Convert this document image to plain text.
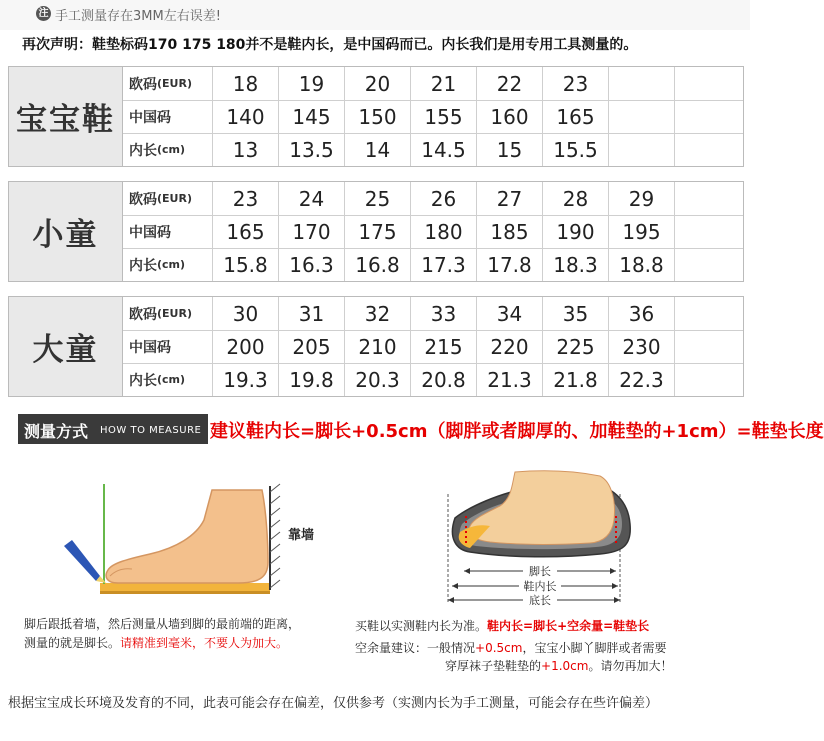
注 手工测量存在3MM左右误差!
再次声明：鞋垫标码170 175 180并不是鞋内长，是中国码而已。内长我们是用专用工具测量的。
宝宝鞋
欧码 (EUR)	18	19	20	21	22	23
中国码	140	145	150	155	160	165
内长 (cm)	13	13.5	14	14.5	15	15.5
小童
欧码 (EUR)	23	24	25	26	27	28	29
中国码	165	170	175	180	185	190	195
内长 (cm)	15.8	16.3	16.8	17.3	17.8	18.3	18.8
大童
欧码 (EUR)	30	31	32	33	34	35	36
中国码	200	205	210	215	220	225	230
内长 (cm)	19.3	19.8	20.3	20.8	21.3	21.8	22.3
测量方式 HOW TO MEASURE 建议鞋内长=脚长+0.5cm（脚胖或者脚厚的、加鞋垫的+1cm）=鞋垫长度
靠墙
脚长
鞋内长
底长
脚后跟抵着墙，然后测量从墙到脚的最前端的距离，
测量的就是脚长。请精准到毫米，不要人为加大。
买鞋以实测鞋内长为准。鞋内长=脚长+空余量=鞋垫长
空余量建议：一般情况+0.5cm，宝宝小脚丫脚胖或者需要
穿厚袜子垫鞋垫的+1.0cm。请勿再加大！
根据宝宝成长环境及发育的不同，此表可能会存在偏差，仅供参考（实测内长为手工测量，可能会存在些许偏差）
